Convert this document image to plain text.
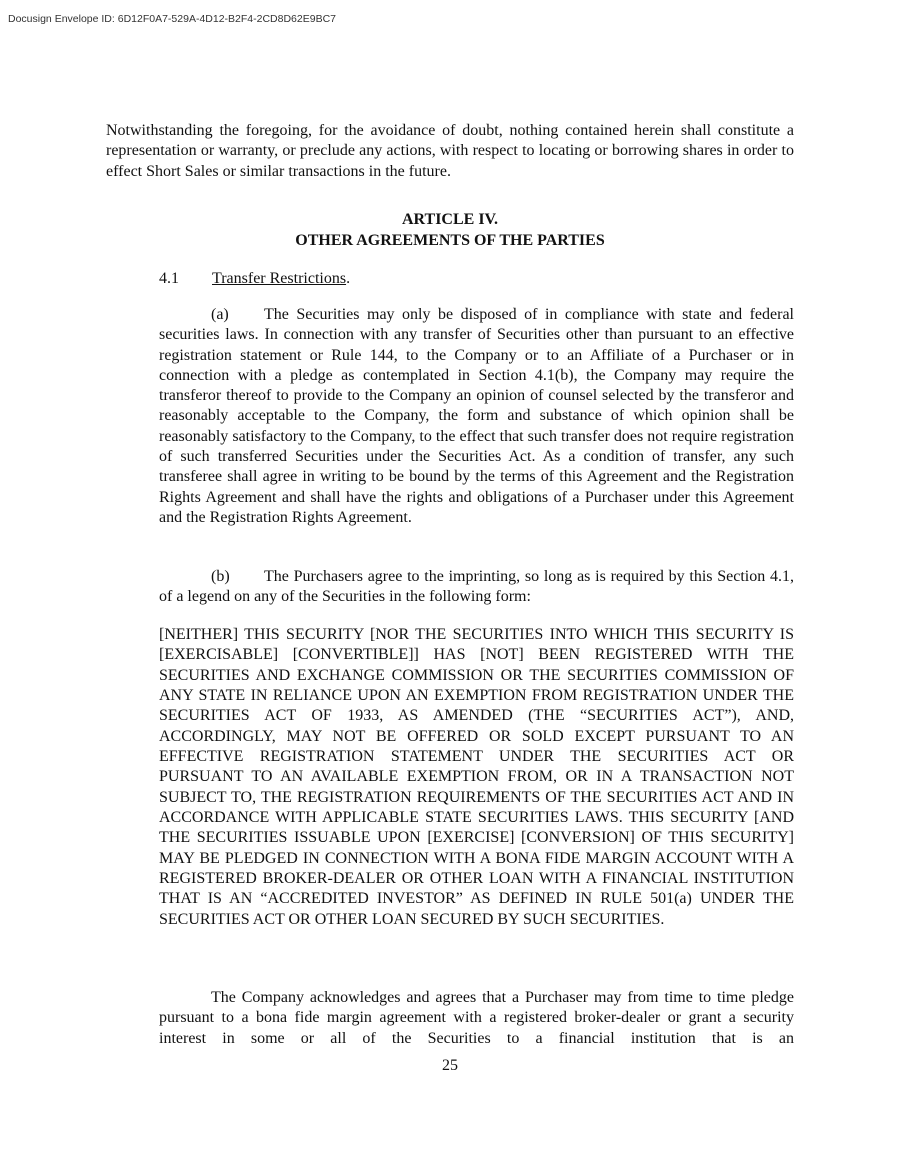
Docusign Envelope ID: 6D12F0A7-529A-4D12-B2F4-2CD8D62E9BC7

Notwithstanding the foregoing, for the avoidance of doubt, nothing contained herein shall constitute a representation or warranty, or preclude any actions, with respect to locating or borrowing shares in order to effect Short Sales or similar transactions in the future.

ARTICLE IV.
OTHER AGREEMENTS OF THE PARTIES
4.1 Transfer Restrictions.

(a) The Securities may only be disposed of in compliance with state and federal securities laws. In connection with any transfer of Securities other than pursuant to an effective registration statement or Rule 144, to the Company or to an Affiliate of a Purchaser or in connection with a pledge as contemplated in Section 4.1(b), the Company may require the transferor thereof to provide to the Company an opinion of counsel selected by the transferor and reasonably acceptable to the Company, the form and substance of which opinion shall be reasonably satisfactory to the Company, to the effect that such transfer does not require registration of such transferred Securities under the Securities Act. As a condition of transfer, any such transferee shall agree in writing to be bound by the terms of this Agreement and the Registration Rights Agreement and shall have the rights and obligations of a Purchaser under this Agreement and the Registration Rights Agreement.

(b) The Purchasers agree to the imprinting, so long as is required by this Section 4.1, of a legend on any of the Securities in the following form:

[NEITHER] THIS SECURITY [NOR THE SECURITIES INTO WHICH THIS SECURITY IS [EXERCISABLE] [CONVERTIBLE]] HAS [NOT] BEEN REGISTERED WITH THE SECURITIES AND EXCHANGE COMMISSION OR THE SECURITIES COMMISSION OF ANY STATE IN RELIANCE UPON AN EXEMPTION FROM REGISTRATION UNDER THE SECURITIES ACT OF 1933, AS AMENDED (THE “SECURITIES ACT”), AND, ACCORDINGLY, MAY NOT BE OFFERED OR SOLD EXCEPT PURSUANT TO AN EFFECTIVE REGISTRATION STATEMENT UNDER THE SECURITIES ACT OR PURSUANT TO AN AVAILABLE EXEMPTION FROM, OR IN A TRANSACTION NOT SUBJECT TO, THE REGISTRATION REQUIREMENTS OF THE SECURITIES ACT AND IN ACCORDANCE WITH APPLICABLE STATE SECURITIES LAWS. THIS SECURITY [AND THE SECURITIES ISSUABLE UPON [EXERCISE] [CONVERSION] OF THIS SECURITY] MAY BE PLEDGED IN CONNECTION WITH A BONA FIDE MARGIN ACCOUNT WITH A REGISTERED BROKER-DEALER OR OTHER LOAN WITH A FINANCIAL INSTITUTION THAT IS AN “ACCREDITED INVESTOR” AS DEFINED IN RULE 501(a) UNDER THE SECURITIES ACT OR OTHER LOAN SECURED BY SUCH SECURITIES.

The Company acknowledges and agrees that a Purchaser may from time to time pledge pursuant to a bona fide margin agreement with a registered broker-dealer or grant a security interest in some or all of the Securities to a financial institution that is an

25
